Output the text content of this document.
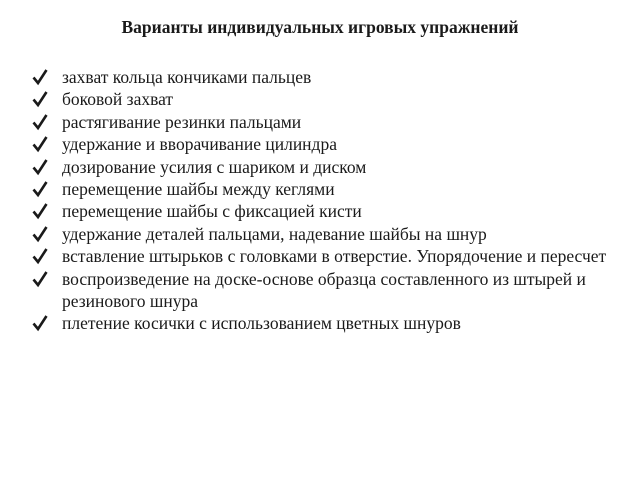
Варианты индивидуальных игровых упражнений
захват кольца кончиками пальцев
боковой захват
растягивание резинки пальцами
удержание и вворачивание цилиндра
дозирование усилия с шариком и диском
перемещение шайбы между кеглями
перемещение шайбы с фиксацией кисти
удержание деталей пальцами, надевание шайбы на шнур
вставление штырьков с головками в отверстие. Упорядочение и пересчет
воспроизведение на доске-основе образца составленного из штырей и резинового шнура
плетение косички с использованием цветных шнуров
